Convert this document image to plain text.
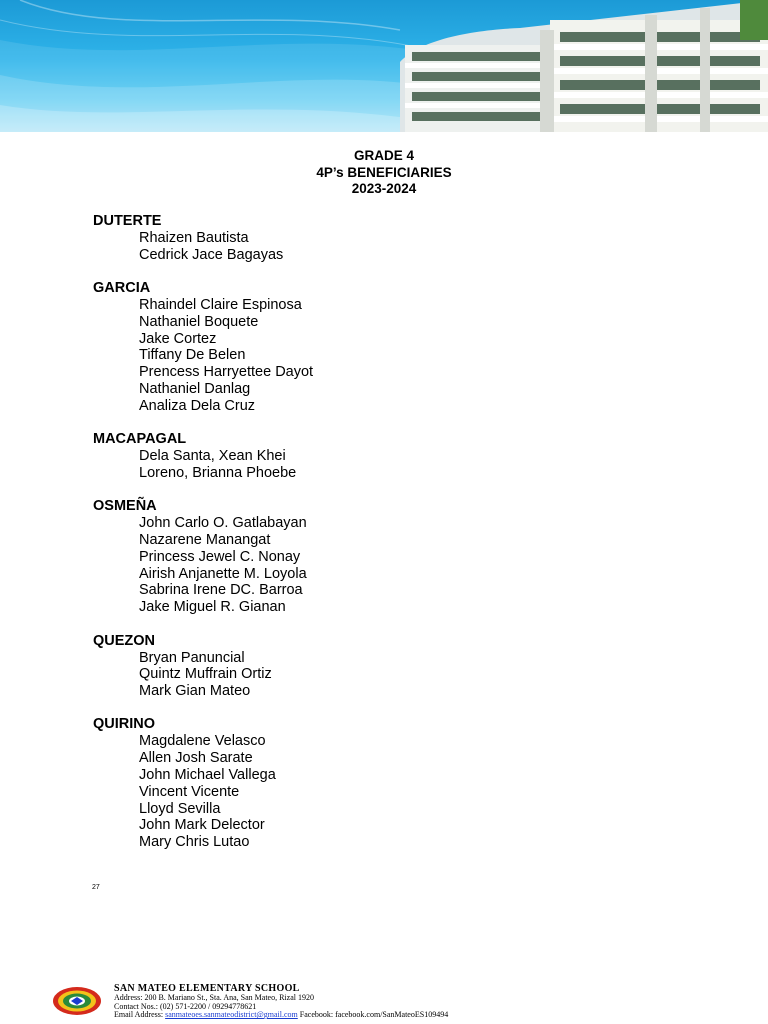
GRADE 4
4P’s BENEFICIARIES
2023-2024
DUTERTE
Rhaizen Bautista
Cedrick Jace Bagayas
GARCIA
Rhaindel Claire Espinosa
Nathaniel Boquete
Jake Cortez
Tiffany De Belen
Prencess Harryettee Dayot
Nathaniel Danlag
Analiza Dela Cruz
MACAPAGAL
Dela Santa, Xean Khei
Loreno, Brianna Phoebe
OSMEÑA
John Carlo O. Gatlabayan
Nazarene Manangat
Princess Jewel C. Nonay
Airish Anjanette M. Loyola
Sabrina Irene DC. Barroa
Jake Miguel R. Gianan
QUEZON
Bryan Panuncial
Quintz Muffrain Ortiz
Mark Gian Mateo
QUIRINO
Magdalene Velasco
Allen Josh Sarate
John Michael Vallega
Vincent Vicente
Lloyd Sevilla
John Mark Delector
Mary Chris Lutao
27
SAN MATEO ELEMENTARY SCHOOL
Address: 200 B. Mariano St., Sta. Ana, San Mateo, Rizal 1920
Contact Nos.: (02) 571-2200 / 09294778621
Email Address: sanmateoes.sanmateodistrict@gmail.com Facebook: facebook.com/SanMateoES109494
